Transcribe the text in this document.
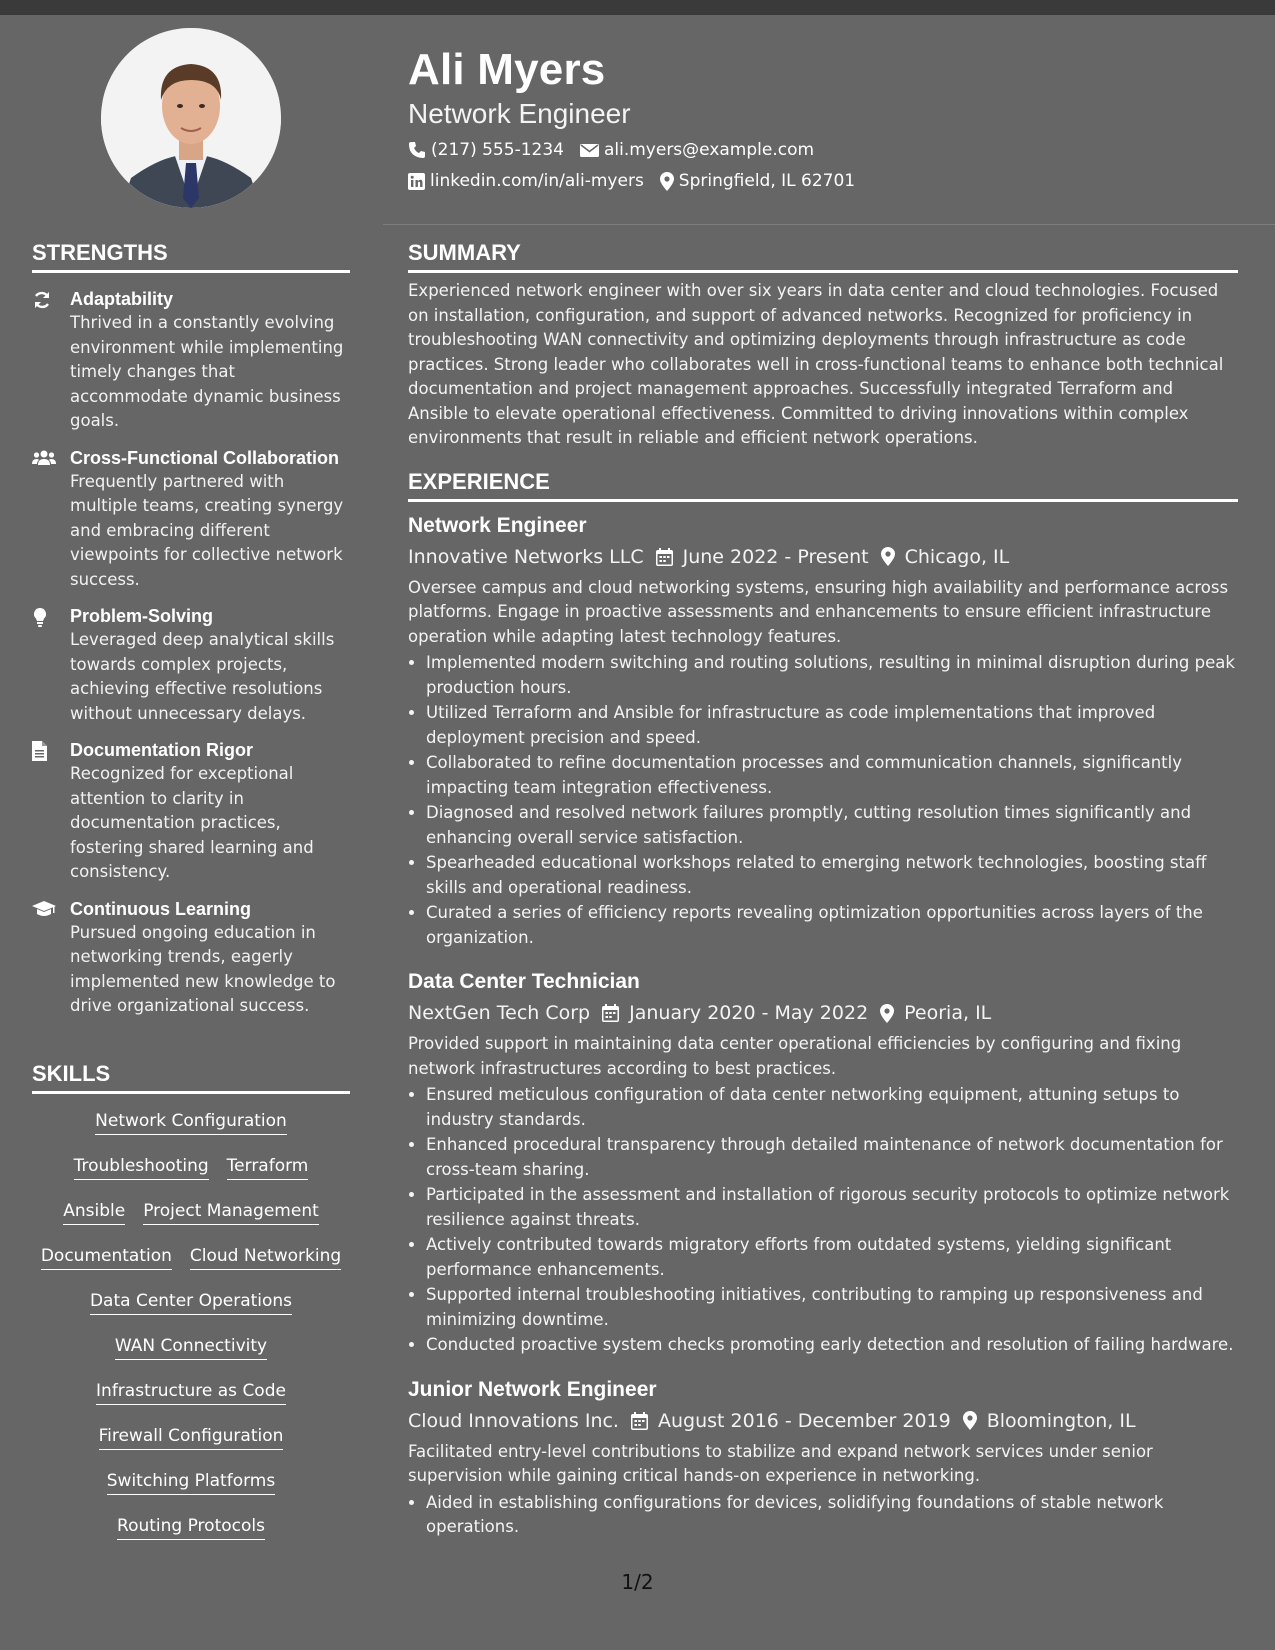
STRENGTHS
Adaptability
Thrived in a constantly evolving environment while implementing timely changes that accommodate dynamic business goals.
Cross-Functional Collaboration
Frequently partnered with multiple teams, creating synergy and embracing different viewpoints for collective network success.
Problem-Solving
Leveraged deep analytical skills towards complex projects, achieving effective resolutions without unnecessary delays.
Documentation Rigor
Recognized for exceptional attention to clarity in documentation practices, fostering shared learning and consistency.
Continuous Learning
Pursued ongoing education in networking trends, eagerly implemented new knowledge to drive organizational success.
SKILLS
Network Configuration
Troubleshooting Terraform
Ansible Project Management
Documentation Cloud Networking
Data Center Operations
WAN Connectivity
Infrastructure as Code
Firewall Configuration
Switching Platforms
Routing Protocols
Ali Myers
Network Engineer
(217) 555-1234 ali.myers@example.com
linkedin.com/in/ali-myers Springfield, IL 62701
SUMMARY
Experienced network engineer with over six years in data center and cloud technologies. Focused on installation, configuration, and support of advanced networks. Recognized for proficiency in troubleshooting WAN connectivity and optimizing deployments through infrastructure as code practices. Strong leader who collaborates well in cross-functional teams to enhance both technical documentation and project management approaches. Successfully integrated Terraform and Ansible to elevate operational effectiveness. Committed to driving innovations within complex environments that result in reliable and efficient network operations.
EXPERIENCE
Network Engineer
Innovative Networks LLC June 2022 - Present Chicago, IL
Oversee campus and cloud networking systems, ensuring high availability and performance across platforms. Engage in proactive assessments and enhancements to ensure efficient infrastructure operation while adapting latest technology features.
• Implemented modern switching and routing solutions, resulting in minimal disruption during peak production hours.
• Utilized Terraform and Ansible for infrastructure as code implementations that improved deployment precision and speed.
• Collaborated to refine documentation processes and communication channels, significantly impacting team integration effectiveness.
• Diagnosed and resolved network failures promptly, cutting resolution times significantly and enhancing overall service satisfaction.
• Spearheaded educational workshops related to emerging network technologies, boosting staff skills and operational readiness.
• Curated a series of efficiency reports revealing optimization opportunities across layers of the organization.
Data Center Technician
NextGen Tech Corp January 2020 - May 2022 Peoria, IL
Provided support in maintaining data center operational efficiencies by configuring and fixing network infrastructures according to best practices.
• Ensured meticulous configuration of data center networking equipment, attuning setups to industry standards.
• Enhanced procedural transparency through detailed maintenance of network documentation for cross-team sharing.
• Participated in the assessment and installation of rigorous security protocols to optimize network resilience against threats.
• Actively contributed towards migratory efforts from outdated systems, yielding significant performance enhancements.
• Supported internal troubleshooting initiatives, contributing to ramping up responsiveness and minimizing downtime.
• Conducted proactive system checks promoting early detection and resolution of failing hardware.
Junior Network Engineer
Cloud Innovations Inc. August 2016 - December 2019 Bloomington, IL
Facilitated entry-level contributions to stabilize and expand network services under senior supervision while gaining critical hands-on experience in networking.
• Aided in establishing configurations for devices, solidifying foundations of stable network operations.
1/2
